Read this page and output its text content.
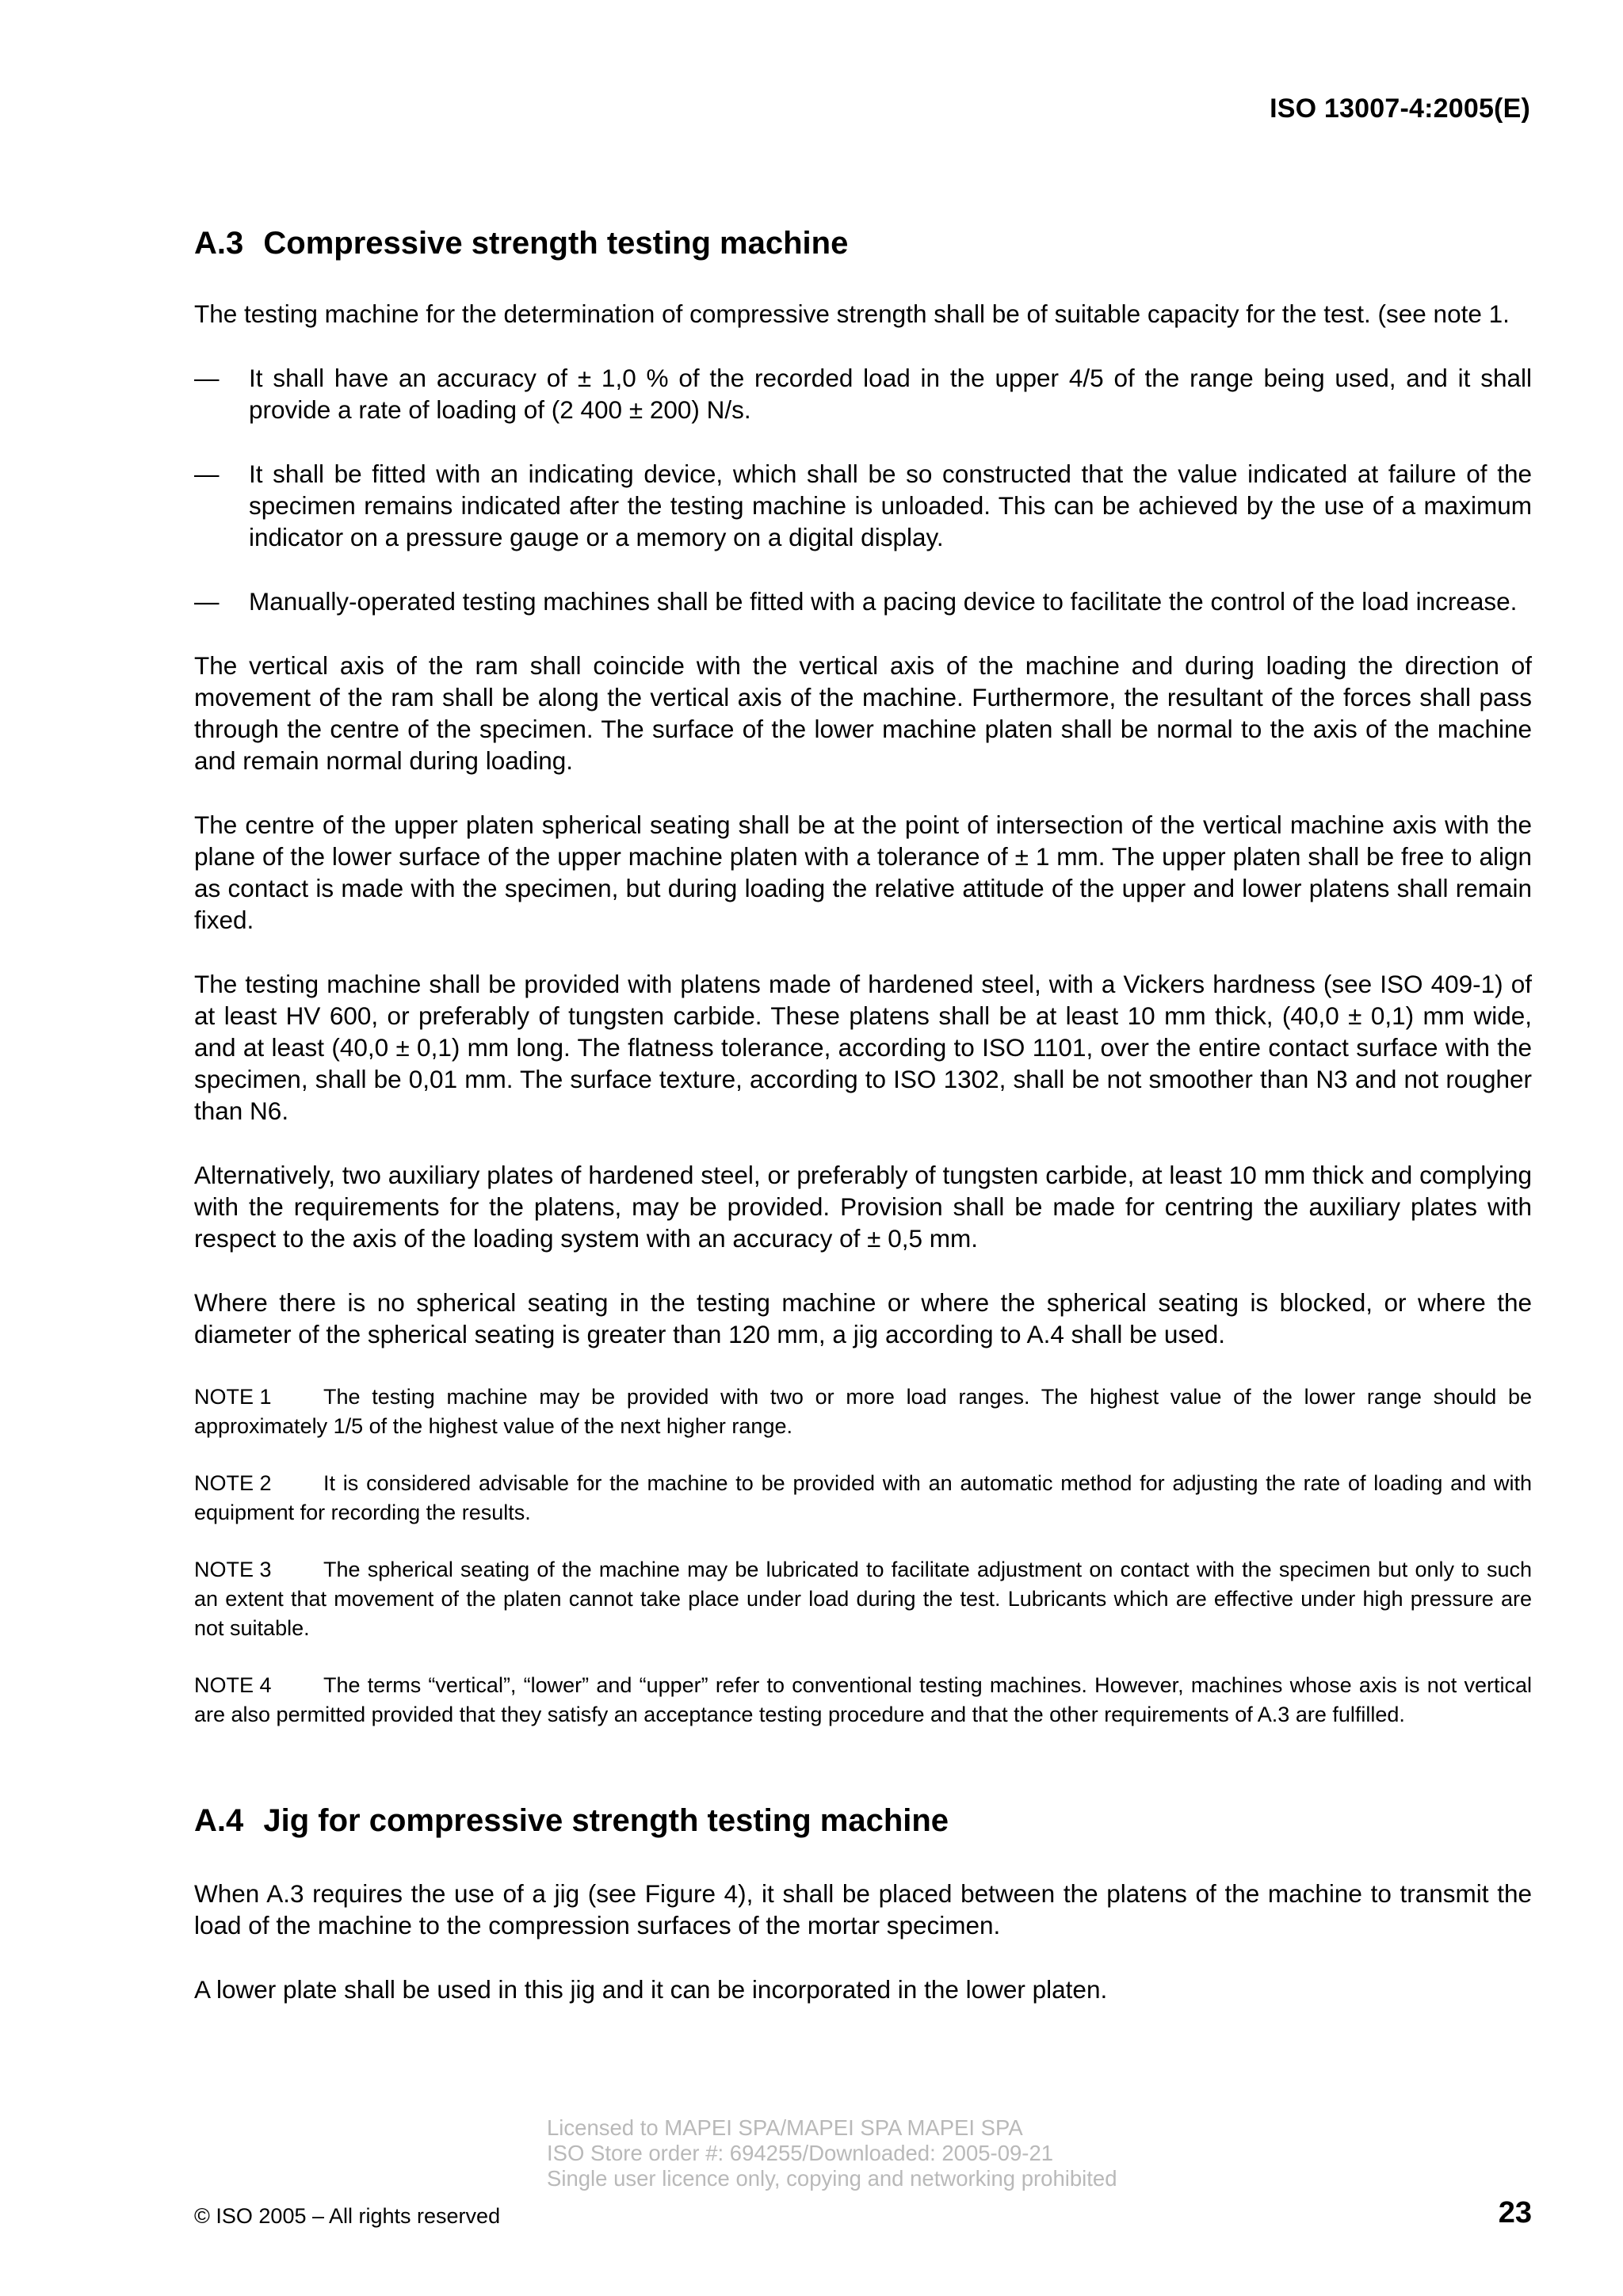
ISO 13007-4:2005(E)
A.3 Compressive strength testing machine

The testing machine for the determination of compressive strength shall be of suitable capacity for the test. (see note 1.

—	It shall have an accuracy of ± 1,0 % of the recorded load in the upper 4/5 of the range being used, and it shall provide a rate of loading of (2 400 ± 200) N/s.
—	It shall be fitted with an indicating device, which shall be so constructed that the value indicated at failure of the specimen remains indicated after the testing machine is unloaded. This can be achieved by the use of a maximum indicator on a pressure gauge or a memory on a digital display.
—	Manually-operated testing machines shall be fitted with a pacing device to facilitate the control of the load increase.

The vertical axis of the ram shall coincide with the vertical axis of the machine and during loading the direction of movement of the ram shall be along the vertical axis of the machine. Furthermore, the resultant of the forces shall pass through the centre of the specimen. The surface of the lower machine platen shall be normal to the axis of the machine and remain normal during loading.

The centre of the upper platen spherical seating shall be at the point of intersection of the vertical machine axis with the plane of the lower surface of the upper machine platen with a tolerance of ± 1 mm. The upper platen shall be free to align as contact is made with the specimen, but during loading the relative attitude of the upper and lower platens shall remain fixed.

The testing machine shall be provided with platens made of hardened steel, with a Vickers hardness (see ISO 409-1) of at least HV 600, or preferably of tungsten carbide. These platens shall be at least 10 mm thick, (40,0 ± 0,1) mm wide, and at least (40,0 ± 0,1) mm long. The flatness tolerance, according to ISO 1101, over the entire contact surface with the specimen, shall be 0,01 mm. The surface texture, according to ISO 1302, shall be not smoother than N3 and not rougher than N6.

Alternatively, two auxiliary plates of hardened steel, or preferably of tungsten carbide, at least 10 mm thick and complying with the requirements for the platens, may be provided. Provision shall be made for centring the auxiliary plates with respect to the axis of the loading system with an accuracy of ± 0,5 mm.

Where there is no spherical seating in the testing machine or where the spherical seating is blocked, or where the diameter of the spherical seating is greater than 120 mm, a jig according to A.4 shall be used.

NOTE 1 The testing machine may be provided with two or more load ranges. The highest value of the lower range should be approximately 1/5 of the highest value of the next higher range.

NOTE 2 It is considered advisable for the machine to be provided with an automatic method for adjusting the rate of loading and with equipment for recording the results.

NOTE 3 The spherical seating of the machine may be lubricated to facilitate adjustment on contact with the specimen but only to such an extent that movement of the platen cannot take place under load during the test. Lubricants which are effective under high pressure are not suitable.

NOTE 4 The terms “vertical”, “lower” and “upper” refer to conventional testing machines. However, machines whose axis is not vertical are also permitted provided that they satisfy an acceptance testing procedure and that the other requirements of A.3 are fulfilled.

A.4 Jig for compressive strength testing machine

When A.3 requires the use of a jig (see Figure 4), it shall be placed between the platens of the machine to transmit the load of the machine to the compression surfaces of the mortar specimen.

A lower plate shall be used in this jig and it can be incorporated in the lower platen.

Licensed to MAPEI SPA/MAPEI SPA MAPEI SPA
ISO Store order #: 694255/Downloaded: 2005-09-21
Single user licence only, copying and networking prohibited
© ISO 2005 – All rights reserved	23
